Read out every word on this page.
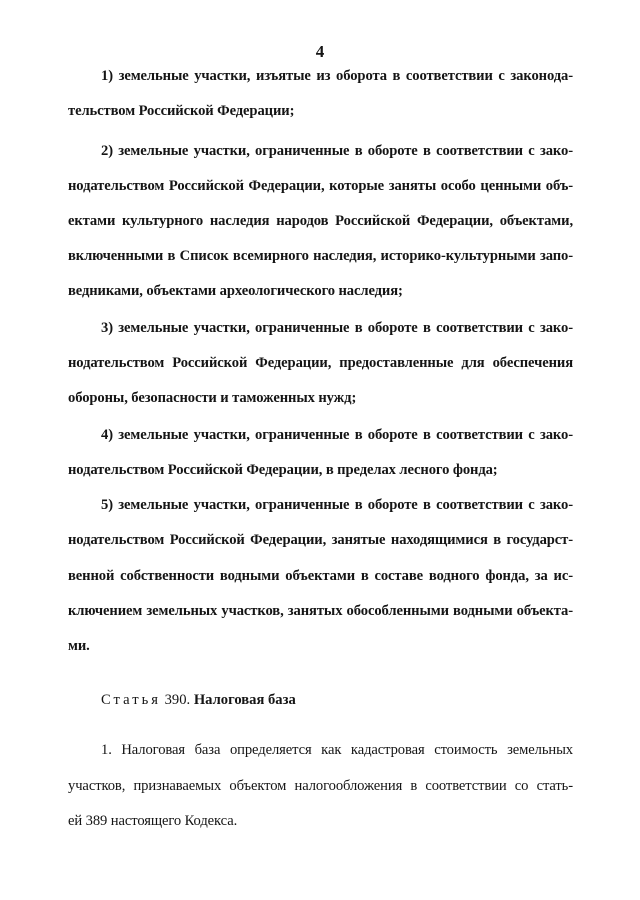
4
1) земельные участки, изъятые из оборота в соответствии с законода-
тельством Российской Федерации;
2) земельные участки, ограниченные в обороте в соответствии с зако-
нодательством Российской Федерации, которые заняты особо ценными объ-
ектами культурного наследия народов Российской Федерации, объектами,
включенными в Список всемирного наследия, историко-культурными запо-
ведниками, объектами археологического наследия;
3) земельные участки, ограниченные в обороте в соответствии с зако-
нодательством Российской Федерации, предоставленные для обеспечения
обороны, безопасности и таможенных нужд;
4) земельные участки, ограниченные в обороте в соответствии с зако-
нодательством Российской Федерации, в пределах лесного фонда;
5) земельные участки, ограниченные в обороте в соответствии с зако-
нодательством Российской Федерации, занятые находящимися в государст-
венной собственности водными объектами в составе водного фонда, за ис-
ключением земельных участков, занятых обособленными водными объекта-
ми.
Статья 390. Налоговая база
1. Налоговая база определяется как кадастровая стоимость земельных
участков, признаваемых объектом налогообложения в соответствии со стать-
ей 389 настоящего Кодекса.
